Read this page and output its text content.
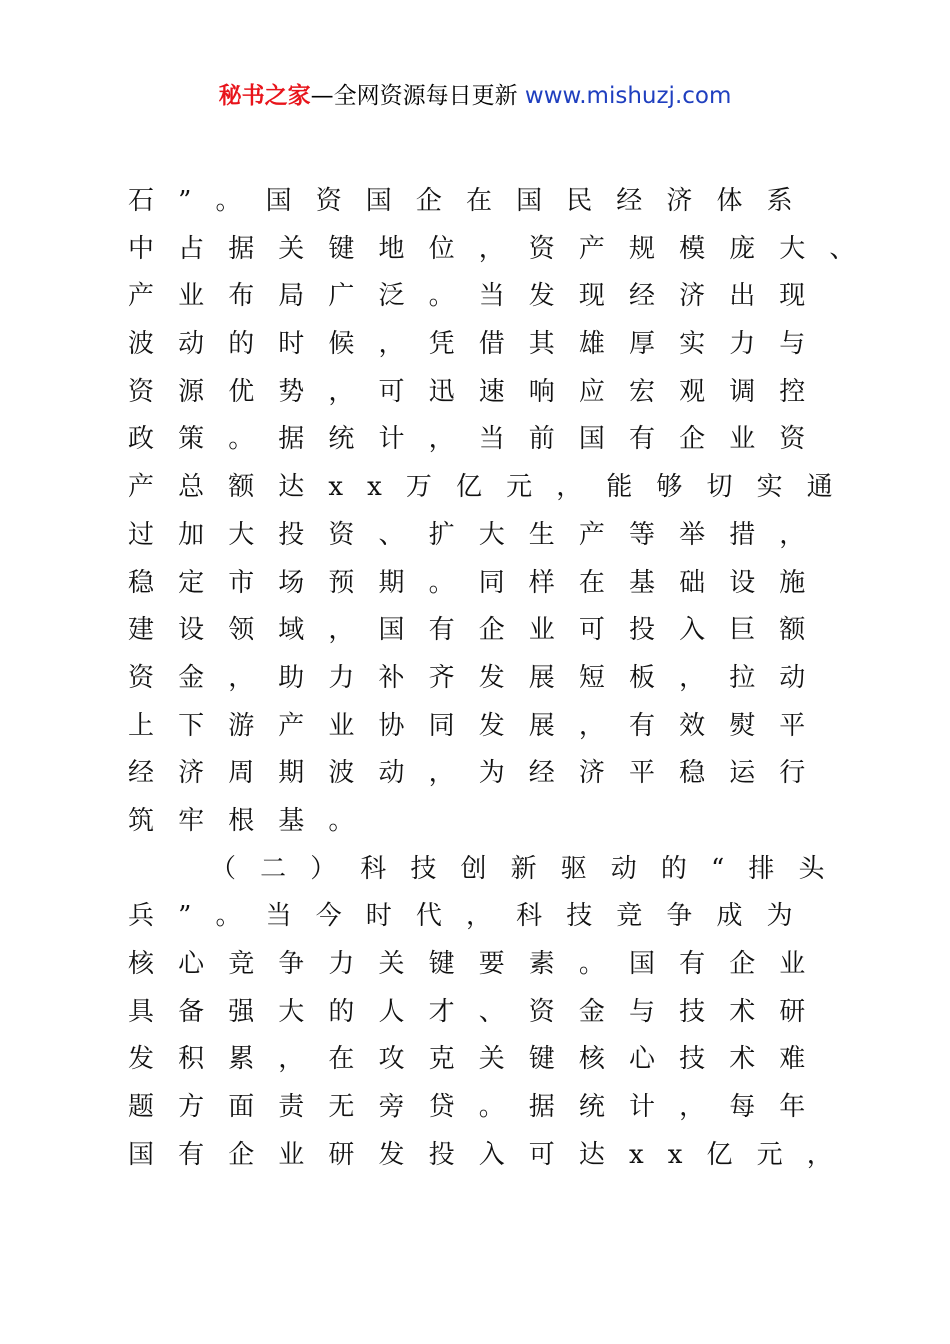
秘书之家—全网资源每日更新 www.mishuzj.com
石”。国资国企在国民经济体系
中占据关键地位，资产规模庞大、
产业布局广泛。当发现经济出现
波动的时候，凭借其雄厚实力与
资源优势，可迅速响应宏观调控
政策。据统计，当前国有企业资
产总额达xx万亿元，能够切实通
过加大投资、扩大生产等举措，
稳定市场预期。同样在基础设施
建设领域，国有企业可投入巨额
资金，助力补齐发展短板，拉动
上下游产业协同发展，有效熨平
经济周期波动，为经济平稳运行
筑牢根基。
（二）科技创新驱动的“排头
兵”。当今时代，科技竞争成为
核心竞争力关键要素。国有企业
具备强大的人才、资金与技术研
发积累，在攻克关键核心技术难
题方面责无旁贷。据统计，每年
国有企业研发投入可达xx亿元，
